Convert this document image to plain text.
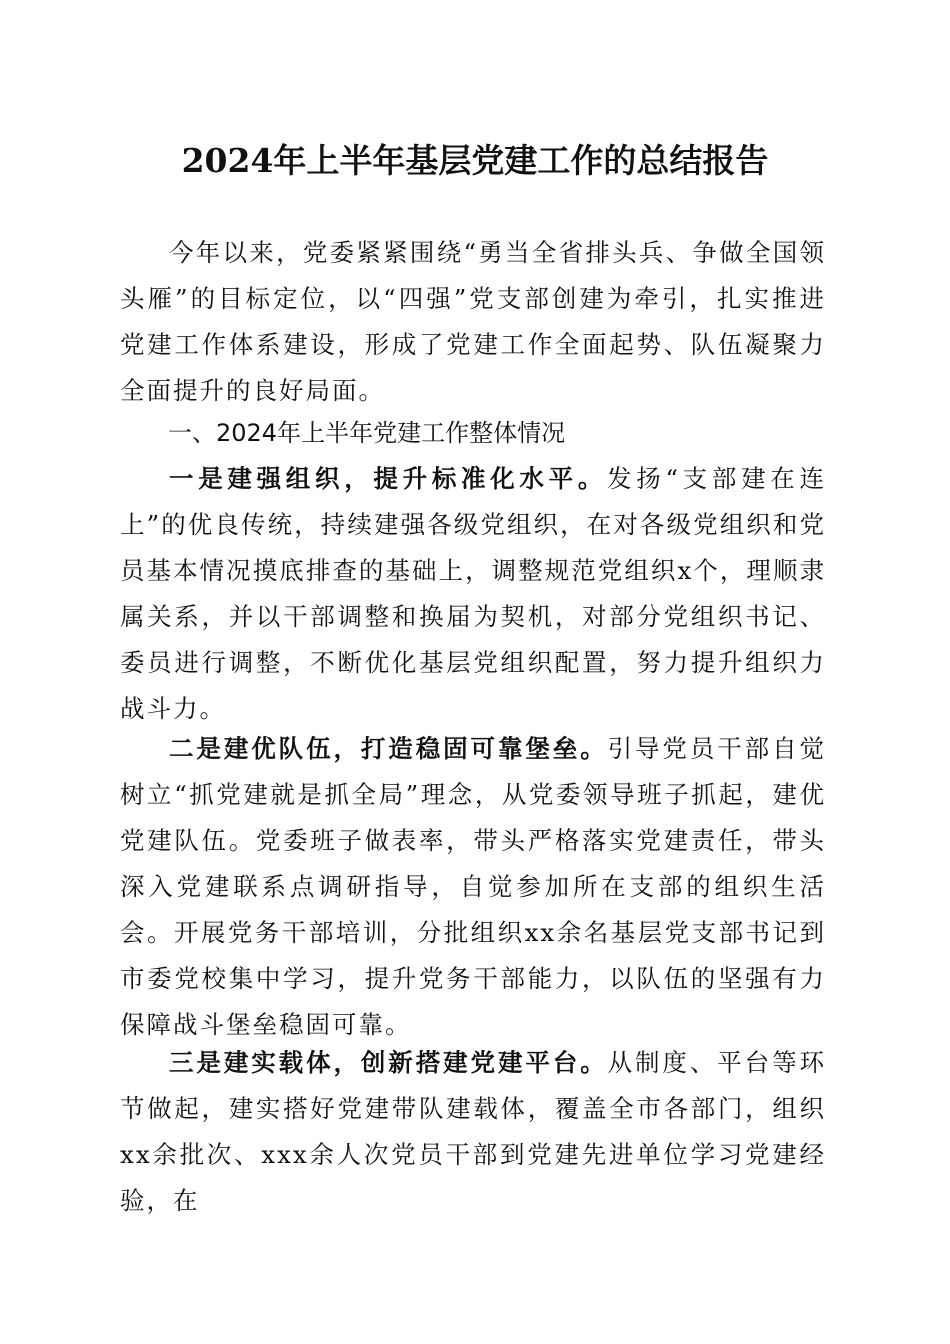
2024年上半年基层党建工作的总结报告

今年以来，党委紧紧围绕“勇当全省排头兵、争做全国领头雁”的目标定位，以“四强”党支部创建为牵引，扎实推进党建工作体系建设，形成了党建工作全面起势、队伍凝聚力全面提升的良好局面。

一、2024年上半年党建工作整体情况

一是建强组织，提升标准化水平。发扬“支部建在连上”的优良传统，持续建强各级党组织，在对各级党组织和党员基本情况摸底排查的基础上，调整规范党组织x个，理顺隶属关系，并以干部调整和换届为契机，对部分党组织书记、委员进行调整，不断优化基层党组织配置，努力提升组织力战斗力。

二是建优队伍，打造稳固可靠堡垒。引导党员干部自觉树立“抓党建就是抓全局”理念，从党委领导班子抓起，建优党建队伍。党委班子做表率，带头严格落实党建责任，带头深入党建联系点调研指导，自觉参加所在支部的组织生活会。开展党务干部培训，分批组织xx余名基层党支部书记到市委党校集中学习，提升党务干部能力，以队伍的坚强有力保障战斗堡垒稳固可靠。

三是建实载体，创新搭建党建平台。从制度、平台等环节做起，建实搭好党建带队建载体，覆盖全市各部门，组织xx余批次、xxx余人次党员干部到党建先进单位学习党建经验，在
